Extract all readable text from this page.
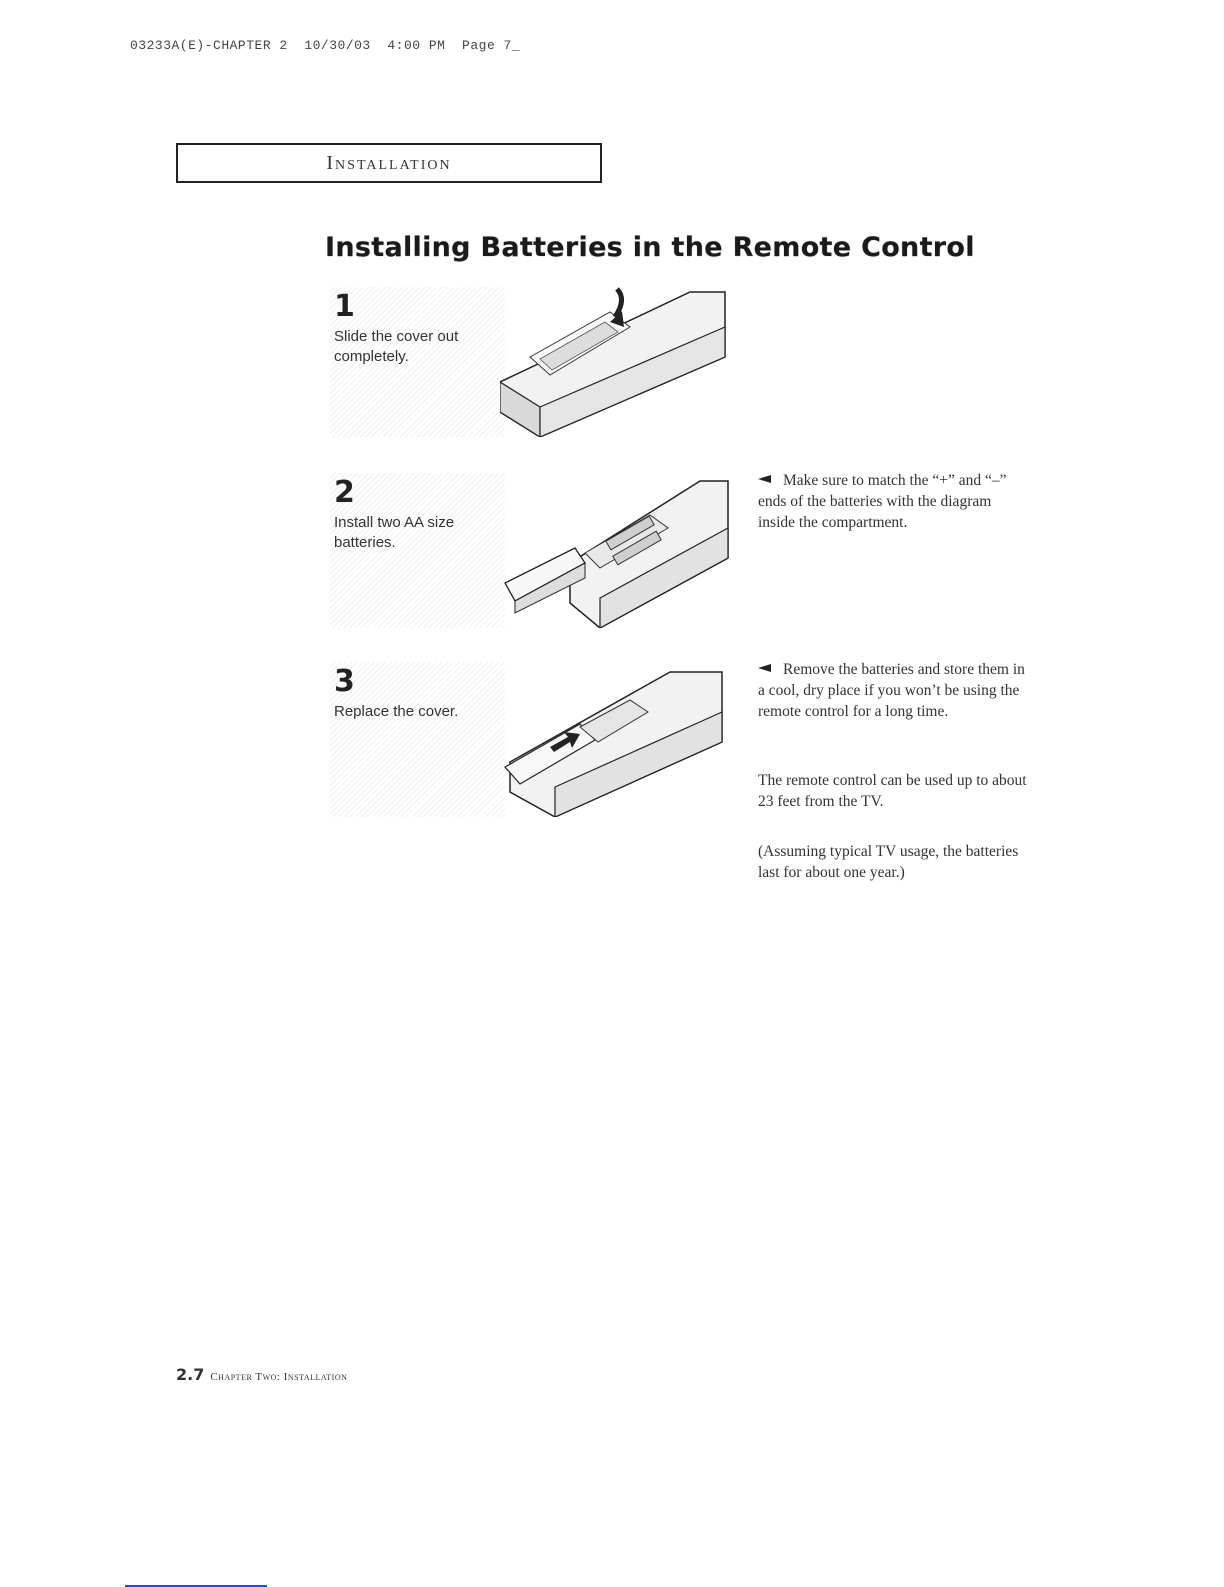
03233A(E)-CHAPTER 2  10/30/03  4:00 PM  Page 7_
Installation
Installing Batteries in the Remote Control
1
Slide the cover out completely.
2
Install two AA size batteries.
3
Replace the cover.
Make sure to match the “+” and “–” ends of the batteries with the diagram inside the compartment.
Remove the batteries and store them in a cool, dry place if you won’t be using the remote control for a long time.
The remote control can be used up to about 23 feet from the TV.
(Assuming typical TV usage, the batteries last for about one year.)
2.7 Chapter Two: Installation
